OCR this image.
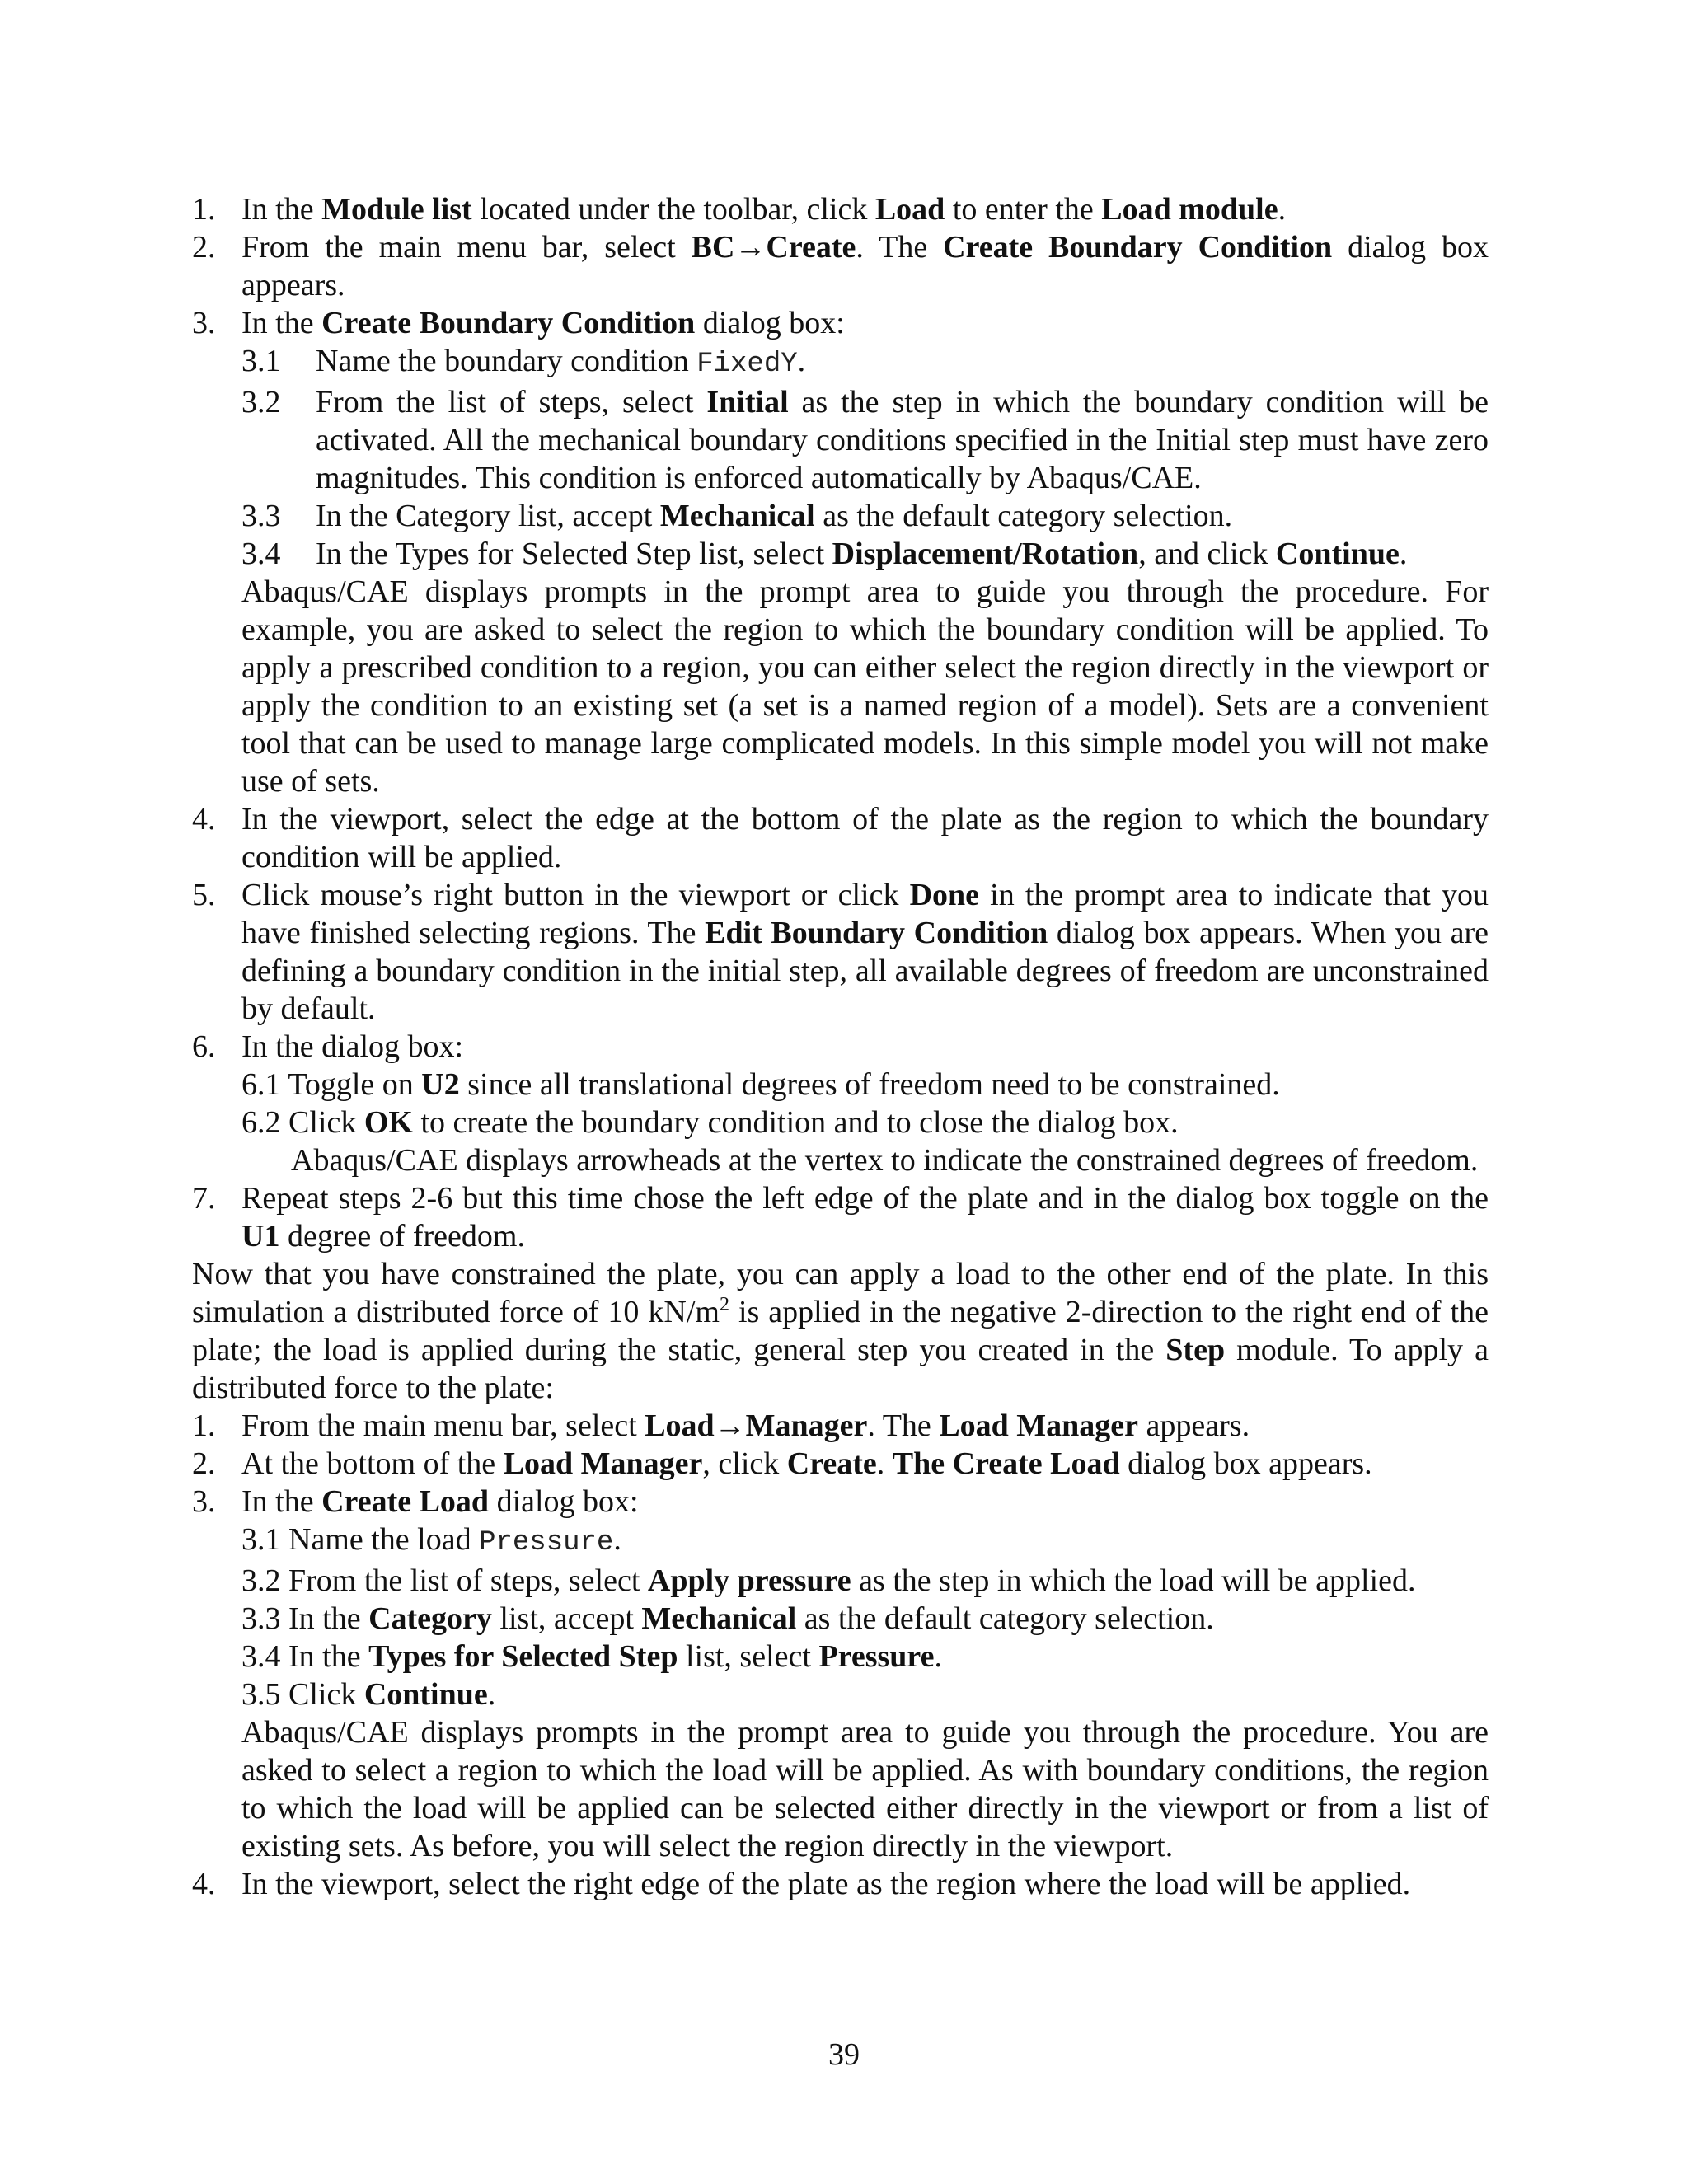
1. In the Module list located under the toolbar, click Load to enter the Load module.
2. From the main menu bar, select BC→Create. The Create Boundary Condition dialog box appears.
3. In the Create Boundary Condition dialog box:
3.1 Name the boundary condition FixedY.
3.2 From the list of steps, select Initial as the step in which the boundary condition will be activated. All the mechanical boundary conditions specified in the Initial step must have zero magnitudes. This condition is enforced automatically by Abaqus/CAE.
3.3 In the Category list, accept Mechanical as the default category selection.
3.4 In the Types for Selected Step list, select Displacement/Rotation, and click Continue.
Abaqus/CAE displays prompts in the prompt area to guide you through the procedure. For example, you are asked to select the region to which the boundary condition will be applied. To apply a prescribed condition to a region, you can either select the region directly in the viewport or apply the condition to an existing set (a set is a named region of a model). Sets are a convenient tool that can be used to manage large complicated models. In this simple model you will not make use of sets.
4. In the viewport, select the edge at the bottom of the plate as the region to which the boundary condition will be applied.
5. Click mouse’s right button in the viewport or click Done in the prompt area to indicate that you have finished selecting regions. The Edit Boundary Condition dialog box appears. When you are defining a boundary condition in the initial step, all available degrees of freedom are unconstrained by default.
6. In the dialog box:
6.1 Toggle on U2 since all translational degrees of freedom need to be constrained.
6.2 Click OK to create the boundary condition and to close the dialog box.
Abaqus/CAE displays arrowheads at the vertex to indicate the constrained degrees of freedom.
7. Repeat steps 2-6 but this time chose the left edge of the plate and in the dialog box toggle on the U1 degree of freedom.
Now that you have constrained the plate, you can apply a load to the other end of the plate. In this simulation a distributed force of 10 $kN/m^2$ is applied in the negative 2-direction to the right end of the plate; the load is applied during the static, general step you created in the Step module. To apply a distributed force to the plate:
1. From the main menu bar, select Load→Manager. The Load Manager appears.
2. At the bottom of the Load Manager, click Create. The Create Load dialog box appears.
3. In the Create Load dialog box:
3.1 Name the load Pressure.
3.2 From the list of steps, select Apply pressure as the step in which the load will be applied.
3.3 In the Category list, accept Mechanical as the default category selection.
3.4 In the Types for Selected Step list, select Pressure.
3.5 Click Continue.
Abaqus/CAE displays prompts in the prompt area to guide you through the procedure. You are asked to select a region to which the load will be applied. As with boundary conditions, the region to which the load will be applied can be selected either directly in the viewport or from a list of existing sets. As before, you will select the region directly in the viewport.
4. In the viewport, select the right edge of the plate as the region where the load will be applied.
39
